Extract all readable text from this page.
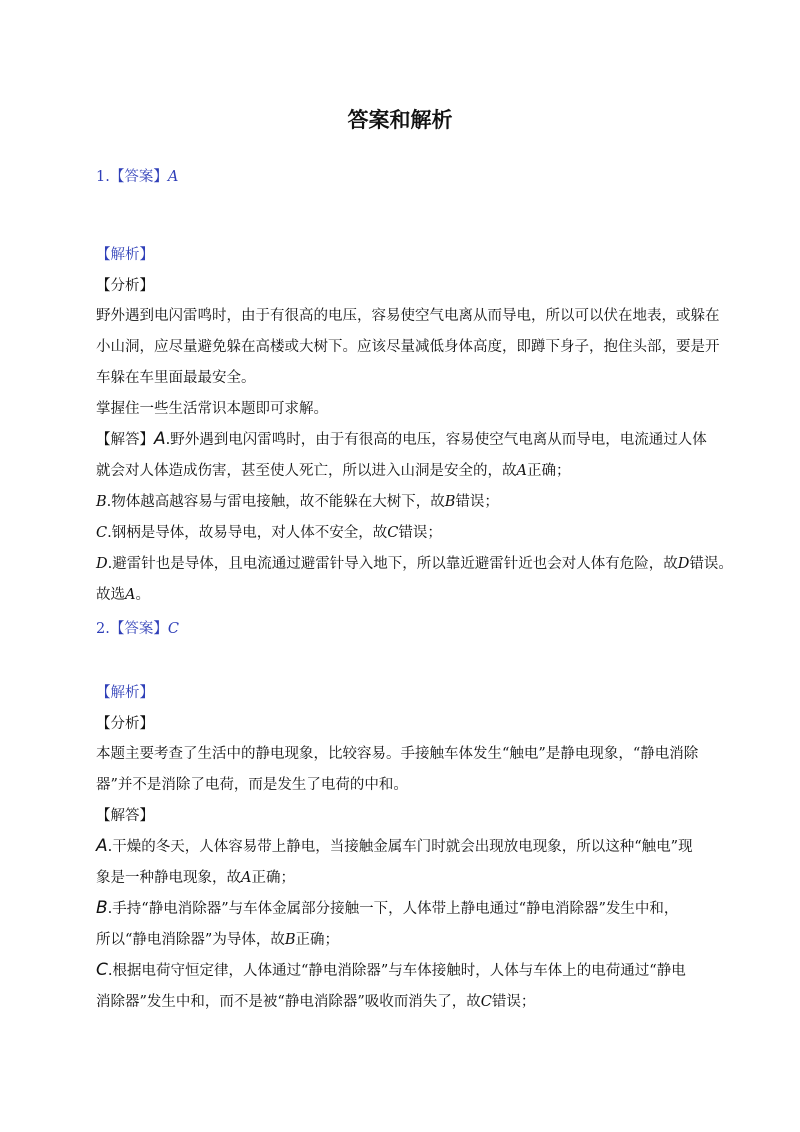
答案和解析
1.【答案】A
【解析】
【分析】
野外遇到电闪雷鸣时，由于有很高的电压，容易使空气电离从而导电，所以可以伏在地表，或躲在
小山洞，应尽量避免躲在高楼或大树下。应该尽量减低身体高度，即蹲下身子，抱住头部，要是开
车躲在车里面最最安全。
掌握住一些生活常识本题即可求解。
【解答】A.野外遇到电闪雷鸣时，由于有很高的电压，容易使空气电离从而导电，电流通过人体
就会对人体造成伤害，甚至使人死亡，所以进入山洞是安全的，故A正确；
B.物体越高越容易与雷电接触，故不能躲在大树下，故B错误；
C.钢柄是导体，故易导电，对人体不安全，故C错误；
D.避雷针也是导体，且电流通过避雷针导入地下，所以靠近避雷针近也会对人体有危险，故D错误。
故选A。
2.【答案】C
【解析】
【分析】
本题主要考查了生活中的静电现象，比较容易。手接触车体发生“触电”是静电现象，“静电消除
器”并不是消除了电荷，而是发生了电荷的中和。
【解答】
A.干燥的冬天，人体容易带上静电，当接触金属车门时就会出现放电现象，所以这种“触电”现
象是一种静电现象，故A正确；
B.手持“静电消除器”与车体金属部分接触一下，人体带上静电通过“静电消除器”发生中和，
所以“静电消除器”为导体，故B正确；
C.根据电荷守恒定律，人体通过“静电消除器”与车体接触时，人体与车体上的电荷通过“静电
消除器”发生中和，而不是被“静电消除器”吸收而消失了，故C错误；
